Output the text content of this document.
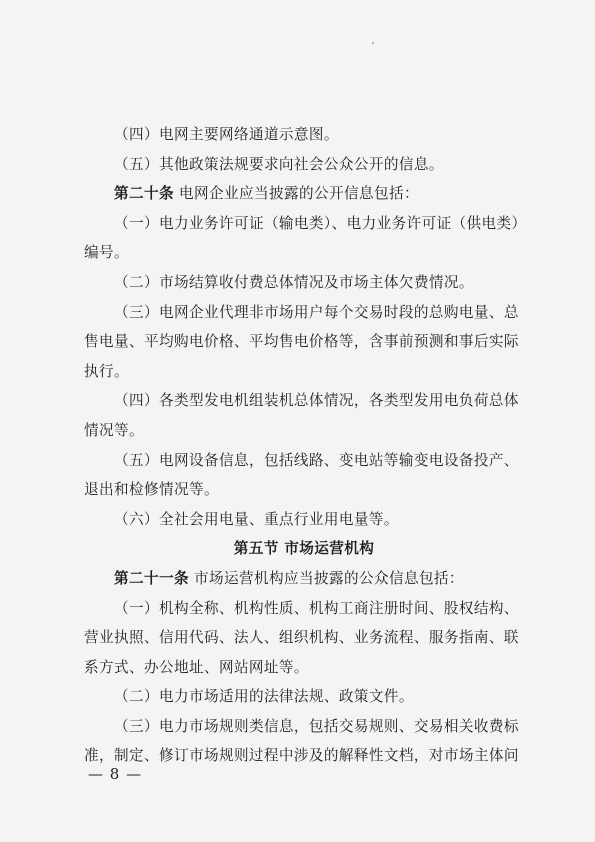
（四）电网主要网络通道示意图。
（五）其他政策法规要求向社会公众公开的信息。
第二十条 电网企业应当披露的公开信息包括：
（一）电力业务许可证（输电类）、电力业务许可证（供电类）
编号。
（二）市场结算收付费总体情况及市场主体欠费情况。
（三）电网企业代理非市场用户每个交易时段的总购电量、总
售电量、平均购电价格、平均售电价格等，含事前预测和事后实际
执行。
（四）各类型发电机组装机总体情况，各类型发用电负荷总体
情况等。
（五）电网设备信息，包括线路、变电站等输变电设备投产、
退出和检修情况等。
（六）全社会用电量、重点行业用电量等。
第五节 市场运营机构
第二十一条 市场运营机构应当披露的公众信息包括：
（一）机构全称、机构性质、机构工商注册时间、股权结构、
营业执照、信用代码、法人、组织机构、业务流程、服务指南、联
系方式、办公地址、网站网址等。
（二）电力市场适用的法律法规、政策文件。
（三）电力市场规则类信息，包括交易规则、交易相关收费标
准，制定、修订市场规则过程中涉及的解释性文档，对市场主体问
— 8 —
